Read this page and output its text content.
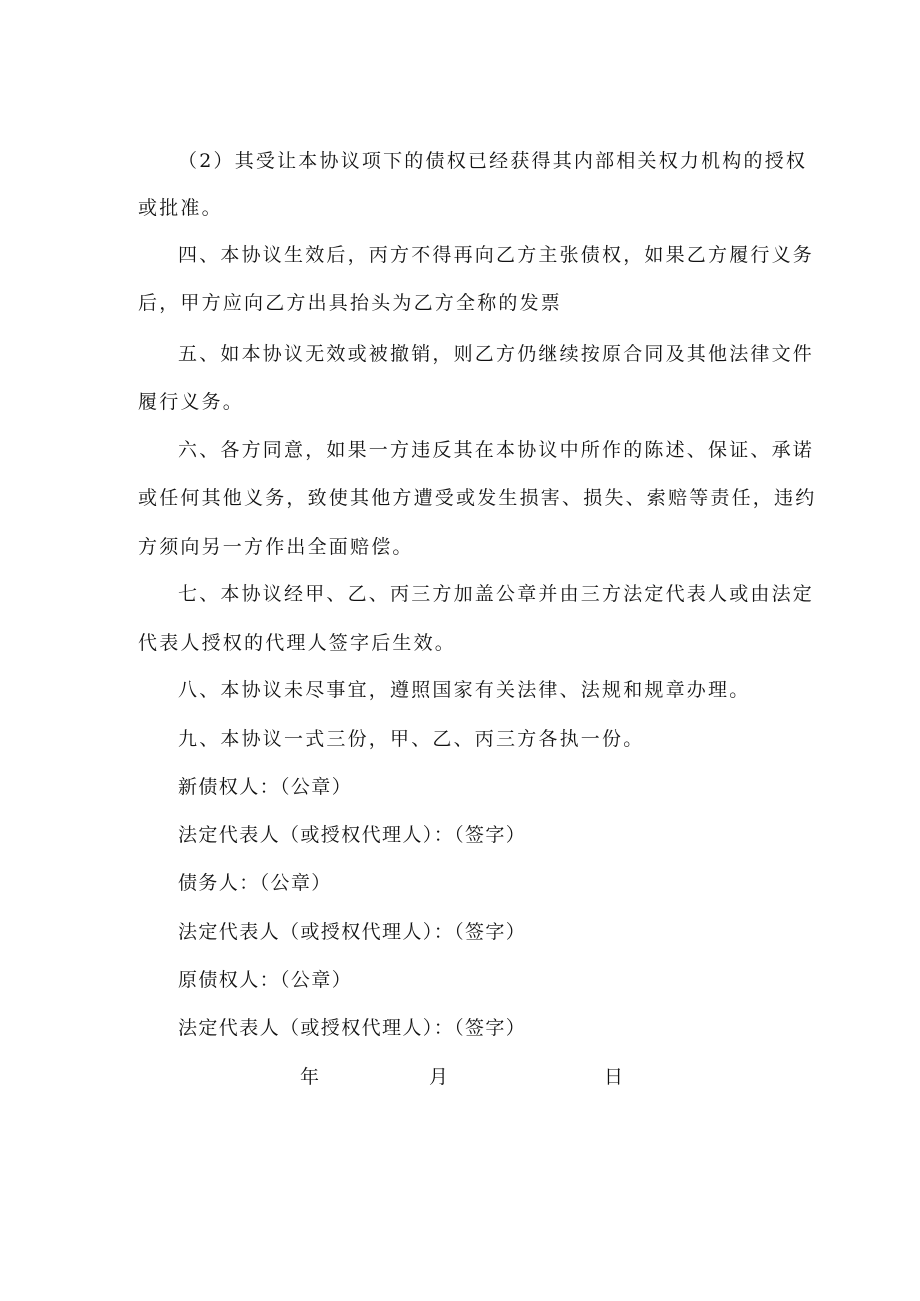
（2）其受让本协议项下的债权已经获得其内部相关权力机构的授权
或批准。
四、本协议生效后，丙方不得再向乙方主张债权，如果乙方履行义务
后，甲方应向乙方出具抬头为乙方全称的发票
五、如本协议无效或被撤销，则乙方仍继续按原合同及其他法律文件
履行义务。
六、各方同意，如果一方违反其在本协议中所作的陈述、保证、承诺
或任何其他义务，致使其他方遭受或发生损害、损失、索赔等责任，违约
方须向另一方作出全面赔偿。
七、本协议经甲、乙、丙三方加盖公章并由三方法定代表人或由法定
代表人授权的代理人签字后生效。
八、本协议未尽事宜，遵照国家有关法律、法规和规章办理。
九、本协议一式三份，甲、乙、丙三方各执一份。
新债权人：（公章）
法定代表人（或授权代理人）：（签字）
债务人：（公章）
法定代表人（或授权代理人）：（签字）
原债权人：（公章）
法定代表人（或授权代理人）：（签字）
年	月	日
